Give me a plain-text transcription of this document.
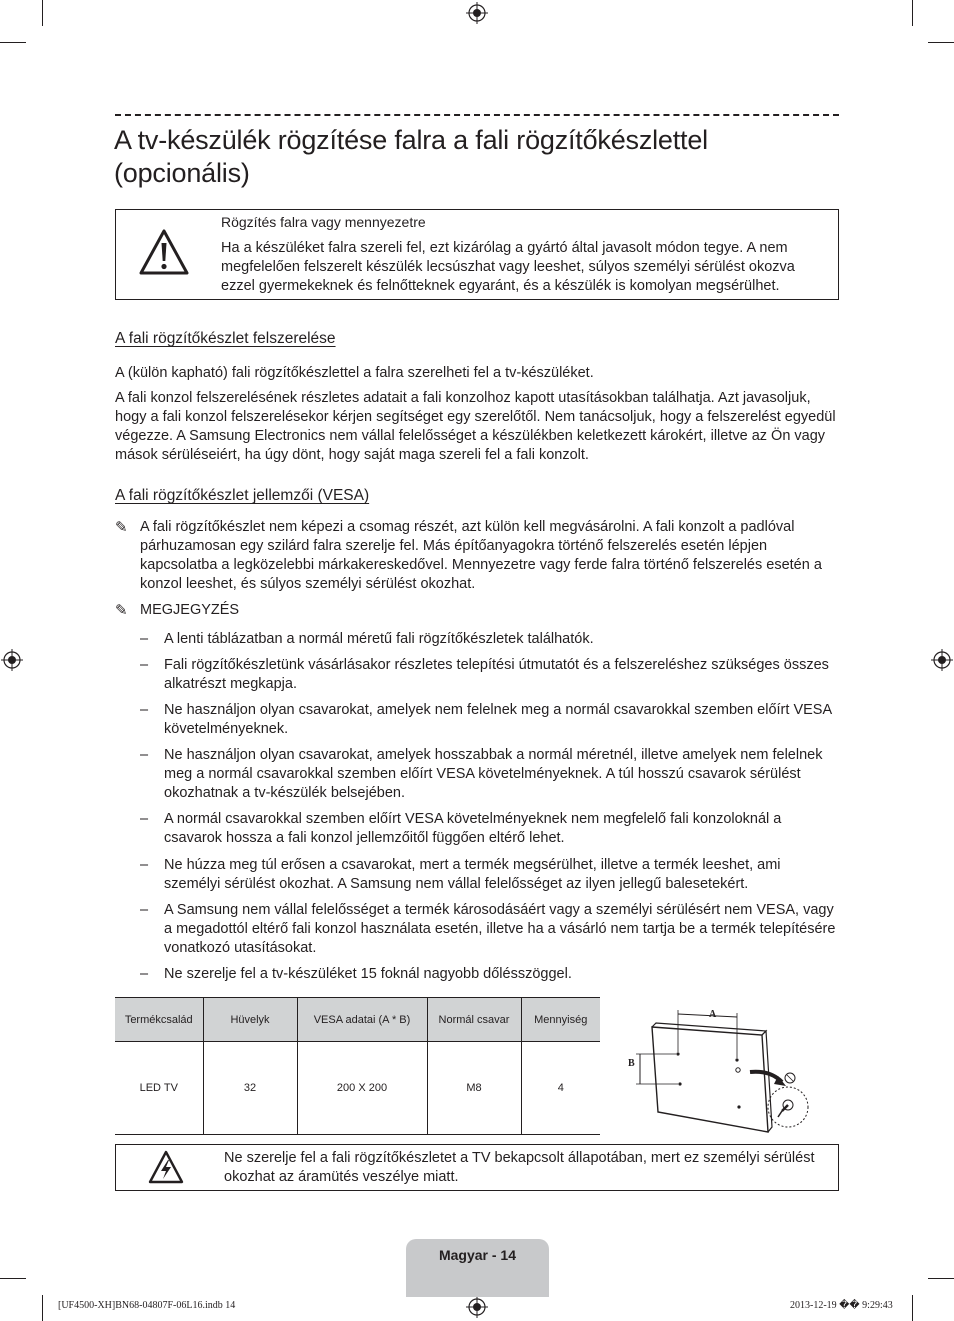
A tv-készülék rögzítése falra a fali rögzítőkészlettel (opcionális)
Rögzítés falra vagy mennyezetre
Ha a készüléket falra szereli fel, ezt kizárólag a gyártó által javasolt módon tegye. A nem megfelelően felszerelt készülék lecsúszhat vagy leeshet, súlyos személyi sérülést okozva ezzel gyermekeknek és felnőtteknek egyaránt, és a készülék is komolyan megsérülhet.
A fali rögzítőkészlet felszerelése
A (külön kapható) fali rögzítőkészlettel a falra szerelheti fel a tv-készüléket.
A fali konzol felszerelésének részletes adatait a fali konzolhoz kapott utasításokban találhatja. Azt javasoljuk, hogy a fali konzol felszerelésekor kérjen segítséget egy szerelőtől. Nem tanácsoljuk, hogy a felszerelést egyedül végezze. A Samsung Electronics nem vállal felelősséget a készülékben keletkezett károkért, illetve az Ön vagy mások sérüléseiért, ha úgy dönt, hogy saját maga szereli fel a fali konzolt.
A fali rögzítőkészlet jellemzői (VESA)
✎ A fali rögzítőkészlet nem képezi a csomag részét, azt külön kell megvásárolni. A fali konzolt a padlóval párhuzamosan egy szilárd falra szerelje fel. Más építőanyagokra történő felszerelés esetén lépjen kapcsolatba a legközelebbi márkakereskedővel. Mennyezetre vagy ferde falra történő felszerelés esetén a konzol leeshet, és súlyos személyi sérülést okozhat.
✎ MEGJEGYZÉS
– A lenti táblázatban a normál méretű fali rögzítőkészletek találhatók.
– Fali rögzítőkészletünk vásárlásakor részletes telepítési útmutatót és a felszereléshez szükséges összes alkatrészt megkapja.
– Ne használjon olyan csavarokat, amelyek nem felelnek meg a normál csavarokkal szemben előírt VESA követelményeknek.
– Ne használjon olyan csavarokat, amelyek hosszabbak a normál méretnél, illetve amelyek nem felelnek meg a normál csavarokkal szemben előírt VESA követelményeknek. A túl hosszú csavarok sérülést okozhatnak a tv-készülék belsejében.
– A normál csavarokkal szemben előírt VESA követelményeknek nem megfelelő fali konzoloknál a csavarok hossza a fali konzol jellemzőitől függően eltérő lehet.
– Ne húzza meg túl erősen a csavarokat, mert a termék megsérülhet, illetve a termék leeshet, ami személyi sérülést okozhat. A Samsung nem vállal felelősséget az ilyen jellegű balesetekért.
– A Samsung nem vállal felelősséget a termék károsodásáért vagy a személyi sérülésért nem VESA, vagy a megadottól eltérő fali konzol használata esetén, illetve ha a vásárló nem tartja be a termék telepítésére vonatkozó utasításokat.
– Ne szerelje fel a tv-készüléket 15 foknál nagyobb dőlésszöggel.
Termékcsalád	Hüvelyk	VESA adatai (A * B)	Normál csavar	Mennyiség
LED TV	32	200 X 200	M8	4
A
B
Ne szerelje fel a fali rögzítőkészletet a TV bekapcsolt állapotában, mert ez személyi sérülést okozhat az áramütés veszélye miatt.
Magyar - 14
[UF4500-XH]BN68-04807F-06L16.indb 14	2013-12-19 �� 9:29:43
